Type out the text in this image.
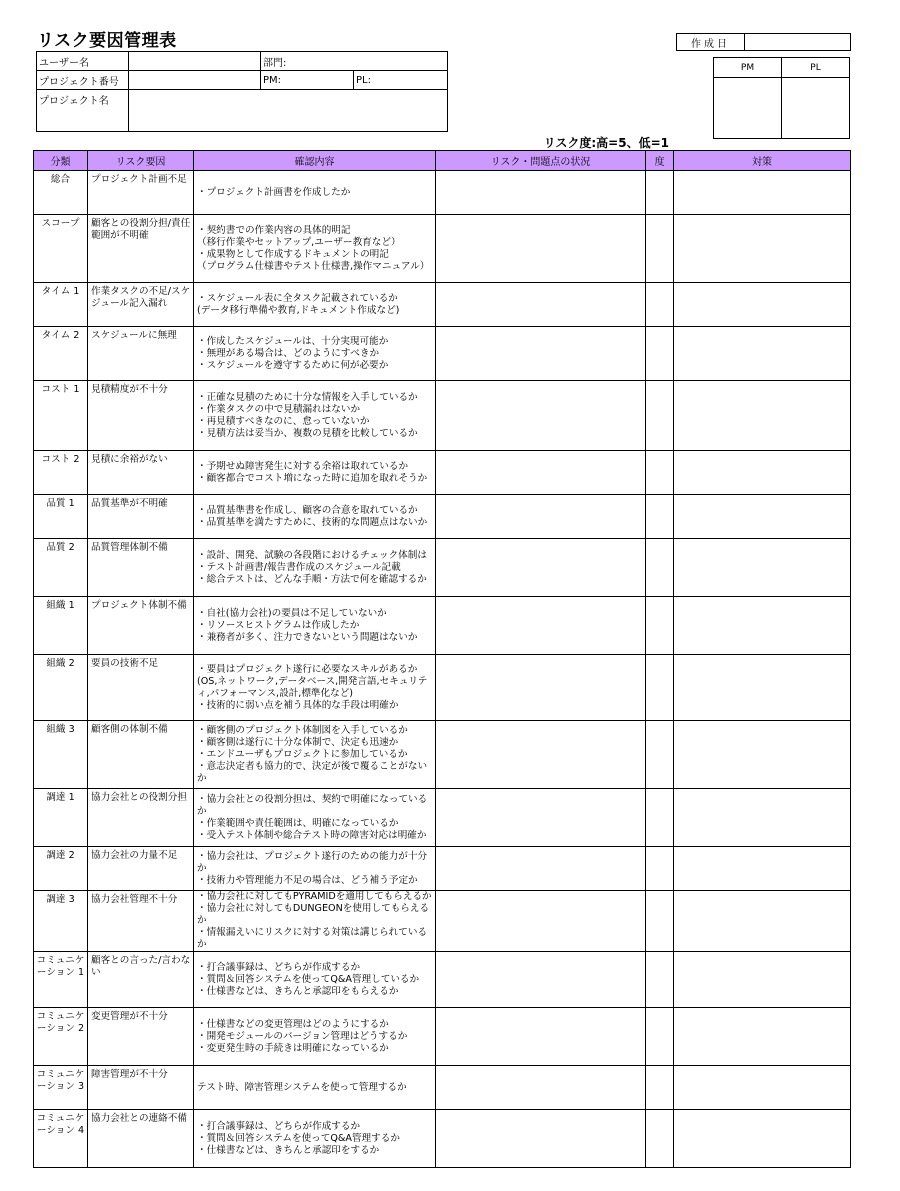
リスク要因管理表
ユーザー名		部門:	
プロジェクト番号		PM:	PL:
プロジェクト名			
作成日	
PM	PL

リスク度:高=5、低=1
分類	リスク要因	確認内容	リスク・問題点の状況	度	対策
総合	プロジェクト計画不足	・プロジェクト計画書を作成したか			
スコープ	顧客との役割分担/責任範囲が不明確	・契約書での作業内容の具体的明記
（移行作業やセットアップ,ユーザー教育など）
・成果物として作成するドキュメントの明記
（プログラム仕様書やテスト仕様書,操作マニュアル）			
タイム 1	作業タスクの不足/スケジュール記入漏れ	・スケジュール表に全タスク記載されているか
(データ移行準備や教育,ドキュメント作成など)			
タイム 2	スケジュールに無理	・作成したスケジュールは、十分実現可能か
・無理がある場合は、どのようにすべきか
・スケジュールを遵守するために何が必要か			
コスト 1	見積精度が不十分	・正確な見積のために十分な情報を入手しているか
・作業タスクの中で見積漏れはないか
・再見積すべきなのに、怠っていないか
・見積方法は妥当か、複数の見積を比較しているか			
コスト 2	見積に余裕がない	・予期せぬ障害発生に対する余裕は取れているか
・顧客都合でコスト増になった時に追加を取れそうか			
品質 1	品質基準が不明確	・品質基準書を作成し、顧客の合意を取れているか
・品質基準を満たすために、技術的な問題点はないか			
品質 2	品質管理体制不備	・設計、開発、試験の各段階におけるチェック体制は
・テスト計画書/報告書作成のスケジュール記載
・総合テストは、どんな手順・方法で何を確認するか			
組織 1	プロジェクト体制不備	・自社(協力会社)の要員は不足していないか
・リソースヒストグラムは作成したか
・兼務者が多く、注力できないという問題はないか			
組織 2	要員の技術不足	・要員はプロジェクト遂行に必要なスキルがあるか
(OS,ネットワーク,データベース,開発言語,セキュリティ,パフォーマンス,設計,標準化など)
・技術的に弱い点を補う具体的な手段は明確か			
組織 3	顧客側の体制不備	・顧客側のプロジェクト体制図を入手しているか
・顧客側は遂行に十分な体制で、決定も迅速か
・エンドユーザもプロジェクトに参加しているか
・意志決定者も協力的で、決定が後で覆ることがないか			
調達 1	協力会社との役割分担	・協力会社との役割分担は、契約で明確になっているか
・作業範囲や責任範囲は、明確になっているか
・受入テスト体制や総合テスト時の障害対応は明確か			
調達 2	協力会社の力量不足	・協力会社は、プロジェクト遂行のための能力が十分か
・技術力や管理能力不足の場合は、どう補う予定か			
調達 3	協力会社管理不十分	・協力会社に対してもPYRAMIDを適用してもらえるか
・協力会社に対してもDUNGEONを使用してもらえるか
・情報漏えいにリスクに対する対策は講じられているか			
コミュニケーション 1	顧客との言った/言わない	・打合議事録は、どちらが作成するか
・質問＆回答システムを使ってQ&A管理しているか
・仕様書などは、きちんと承認印をもらえるか			
コミュニケーション 2	変更管理が不十分	・仕様書などの変更管理はどのようにするか
・開発モジュールのバージョン管理はどうするか
・変更発生時の手続きは明確になっているか			
コミュニケーション 3	障害管理が不十分	テスト時、障害管理システムを使って管理するか			
コミュニケーション 4	協力会社との連絡不備	・打合議事録は、どちらが作成するか
・質問＆回答システムを使ってQ&A管理するか
・仕様書などは、きちんと承認印をするか			
